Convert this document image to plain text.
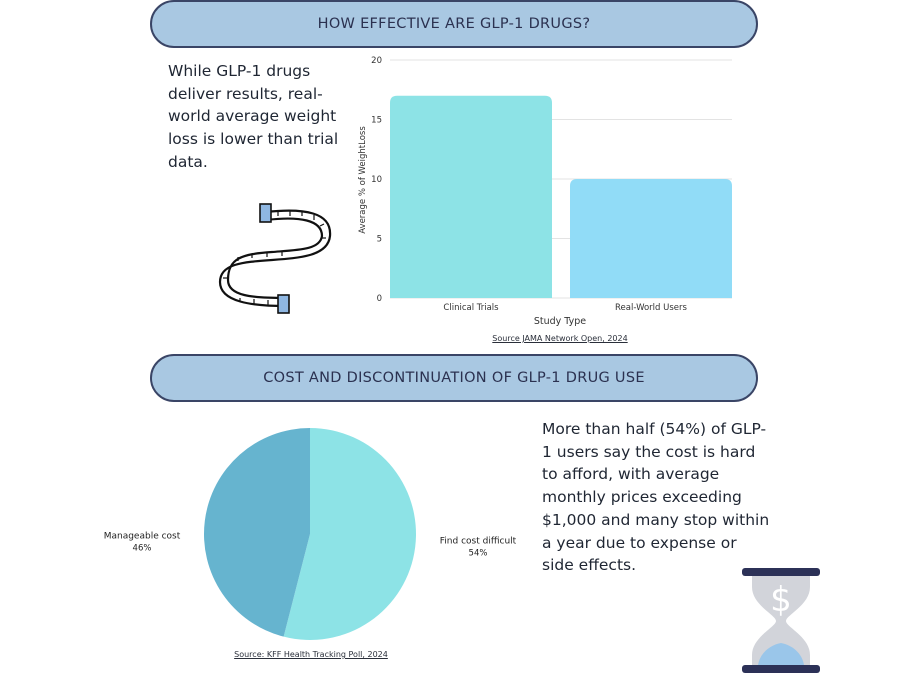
HOW EFFECTIVE ARE GLP-1 DRUGS?
While GLP-1 drugs deliver results, real-world average weight loss is lower than trial data.
0
5
10
15
20
Clinical Trials	Real-World Users
Average % of WeightLoss
Study Type
Source JAMA Network Open, 2024
COST AND DISCONTINUATION OF GLP-1 DRUG USE
Find cost difficult
54%
Manageable cost
46%
More than half (54%) of GLP-1 users say the cost is hard to afford, with average monthly prices exceeding $1,000 and many stop within a year due to expense or side effects.
$
Source: KFF Health Tracking Poll, 2024
